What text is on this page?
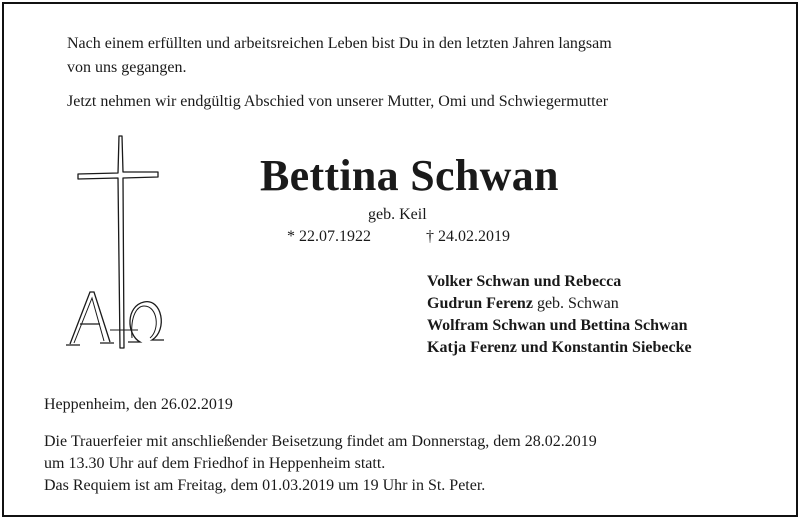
Nach einem erfüllten und arbeitsreichen Leben bist Du in den letzten Jahren langsam
von uns gegangen.
Jetzt nehmen wir endgültig Abschied von unserer Mutter, Omi und Schwiegermutter
Bettina Schwan
geb. Keil
* 22.07.1922	† 24.02.2019
Volker Schwan und Rebecca
Gudrun Ferenz geb. Schwan
Wolfram Schwan und Bettina Schwan
Katja Ferenz und Konstantin Siebecke
Heppenheim, den 26.02.2019
Die Trauerfeier mit anschließender Beisetzung findet am Donnerstag, dem 28.02.2019
um 13.30 Uhr auf dem Friedhof in Heppenheim statt.
Das Requiem ist am Freitag, dem 01.03.2019 um 19 Uhr in St. Peter.
